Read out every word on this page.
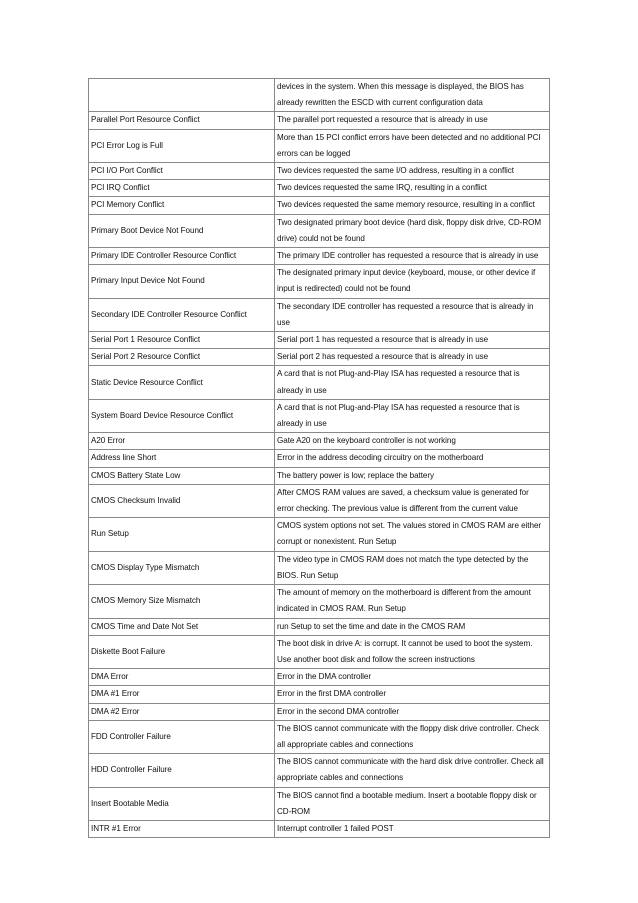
	devices in the system. When this message is displayed, the BIOS has already rewritten the ESCD with current configuration data
Parallel Port Resource Conflict	The parallel port requested a resource that is already in use
PCI Error Log is Full	More than 15 PCI conflict errors have been detected and no additional PCI errors can be logged
PCI I/O Port Conflict	Two devices requested the same I/O address, resulting in a conflict
PCI IRQ Conflict	Two devices requested the same IRQ, resulting in a conflict
PCI Memory Conflict	Two devices requested the same memory resource, resulting in a conflict
Primary Boot Device Not Found	Two designated primary boot device (hard disk, floppy disk drive, CD-ROM drive) could not be found
Primary IDE Controller Resource Conflict	The primary IDE controller has requested a resource that is already in use
Primary Input Device Not Found	The designated primary input device (keyboard, mouse, or other device if input is redirected) could not be found
Secondary IDE Controller Resource Conflict	The secondary IDE controller has requested a resource that is already in use
Serial Port 1 Resource Conflict	Serial port 1 has requested a resource that is already in use
Serial Port 2 Resource Conflict	Serial port 2 has requested a resource that is already in use
Static Device Resource Conflict	A card that is not Plug-and-Play ISA has requested a resource that is already in use
System Board Device Resource Conflict	A card that is not Plug-and-Play ISA has requested a resource that is already in use
A20 Error	Gate A20 on the keyboard controller is not working
Address line Short	Error in the address decoding circuitry on the motherboard
CMOS Battery State Low	The battery power is low; replace the battery
CMOS Checksum Invalid	After CMOS RAM values are saved, a checksum value is generated for error checking. The previous value is different from the current value
Run Setup	CMOS system options not set. The values stored in CMOS RAM are either corrupt or nonexistent. Run Setup
CMOS Display Type Mismatch	The video type in CMOS RAM does not match the type detected by the BIOS. Run Setup
CMOS Memory Size Mismatch	The amount of memory on the motherboard is different from the amount indicated in CMOS RAM. Run Setup
CMOS Time and Date Not Set	run Setup to set the time and date in the CMOS RAM
Diskette Boot Failure	The boot disk in drive A: is corrupt. It cannot be used to boot the system. Use another boot disk and follow the screen instructions
DMA Error	Error in the DMA controller
DMA #1 Error	Error in the first DMA controller
DMA #2 Error	Error in the second DMA controller
FDD Controller Failure	The BIOS cannot communicate with the floppy disk drive controller. Check all appropriate cables and connections
HDD Controller Failure	The BIOS cannot communicate with the hard disk drive controller. Check all appropriate cables and connections
Insert Bootable Media	The BIOS cannot find a bootable medium. Insert a bootable floppy disk or CD-ROM
INTR #1 Error	Interrupt controller 1 failed POST
